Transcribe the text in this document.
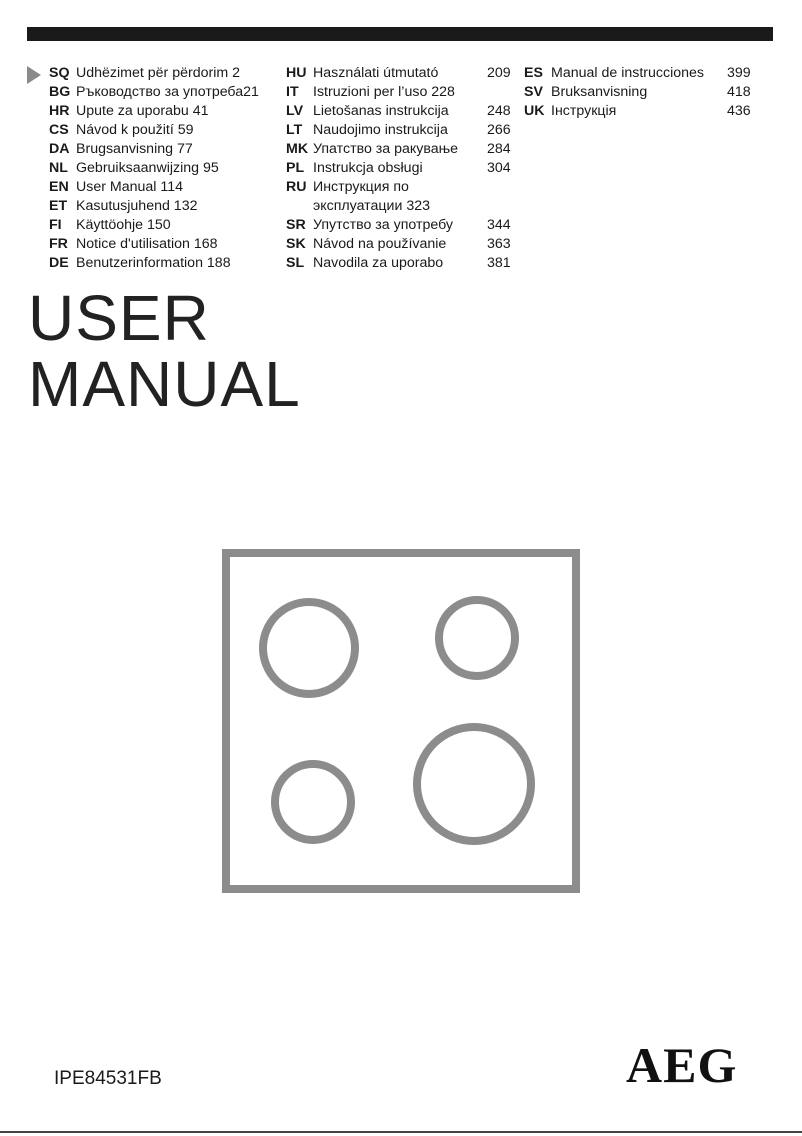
SQ Udhëzimet për përdorim 2
BG Ръководство за употреба21
HR Upute za uporabu 41
CS Návod k použití 59
DA Brugsanvisning 77
NL Gebruiksaanwijzing 95
EN User Manual 114
ET Kasutusjuhend 132
FI Käyttöohje 150
FR Notice d'utilisation 168
DE Benutzerinformation 188
HU Használati útmutató	209
IT Istruzioni per l’uso 228
LV Lietošanas instrukcija	248
LT Naudojimo instrukcija	266
MK Упатство за ракување	284
PL Instrukcja obsługi	304
RU Инструкция по эксплуатации 323
SR Упутство за употребу	344
SK Návod na používanie	363
SL Navodila za uporabo	381
ES Manual de instrucciones	399
SV Bruksanvisning	418
UK Інструкція	436
USER
MANUAL
IPE84531FB	AEG
